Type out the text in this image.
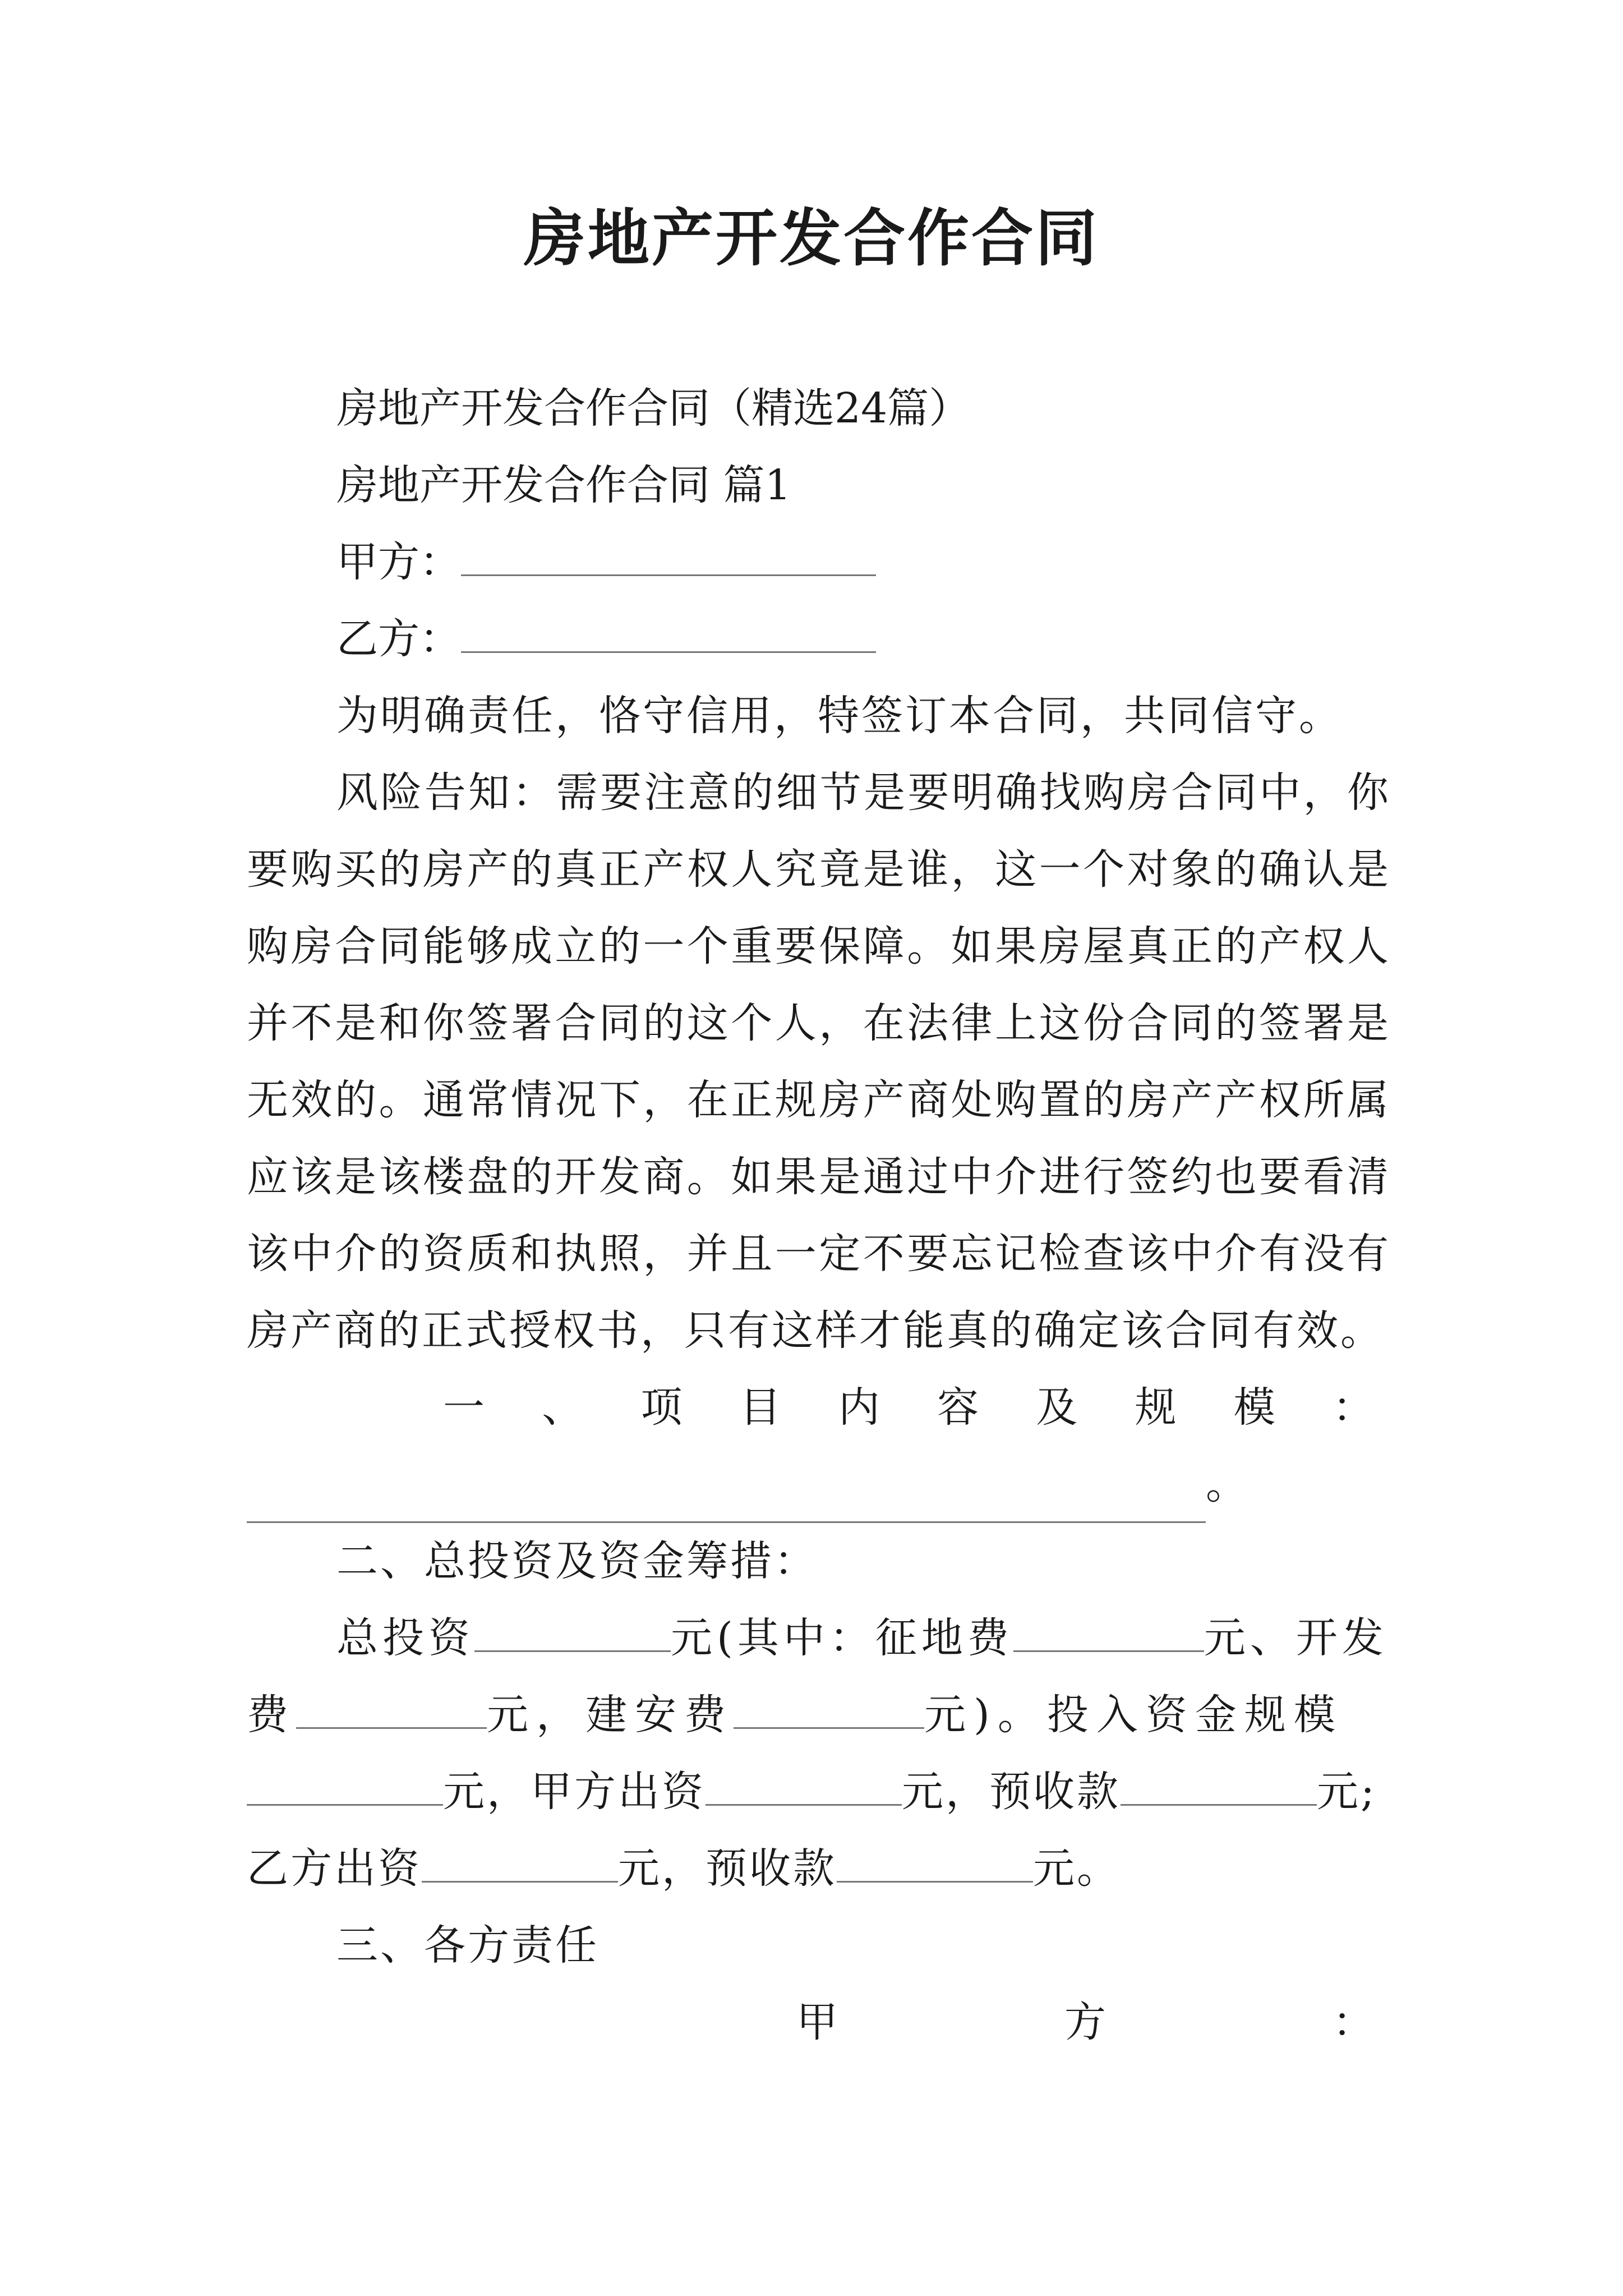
房地产开发合作合同
房地产开发合作合同（精选24篇）
房地产开发合作合同 篇1
甲方：
乙方：
为明确责任，恪守信用，特签订本合同，共同信守。
风险告知：需要注意的细节是要明确找购房合同中，你要购买的房产的真正产权人究竟是谁，这一个对象的确认是购房合同能够成立的一个重要保障。如果房屋真正的产权人并不是和你签署合同的这个人，在法律上这份合同的签署是无效的。通常情况下，在正规房产商处购置的房产产权所属应该是该楼盘的开发商。如果是通过中介进行签约也要看清该中介的资质和执照，并且一定不要忘记检查该中介有没有房产商的正式授权书，只有这样才能真的确定该合同有效。
一 、 项 目 内 容 及 规 模 ：
。
二、总投资及资金筹措：
总投资	元(其中：征地费	元、开发
费	元，建安费	元)。投入资金规模
元，甲方出资	元，预收款	元;
乙方出资	元，预收款	元。
三、各方责任
甲	方	：
